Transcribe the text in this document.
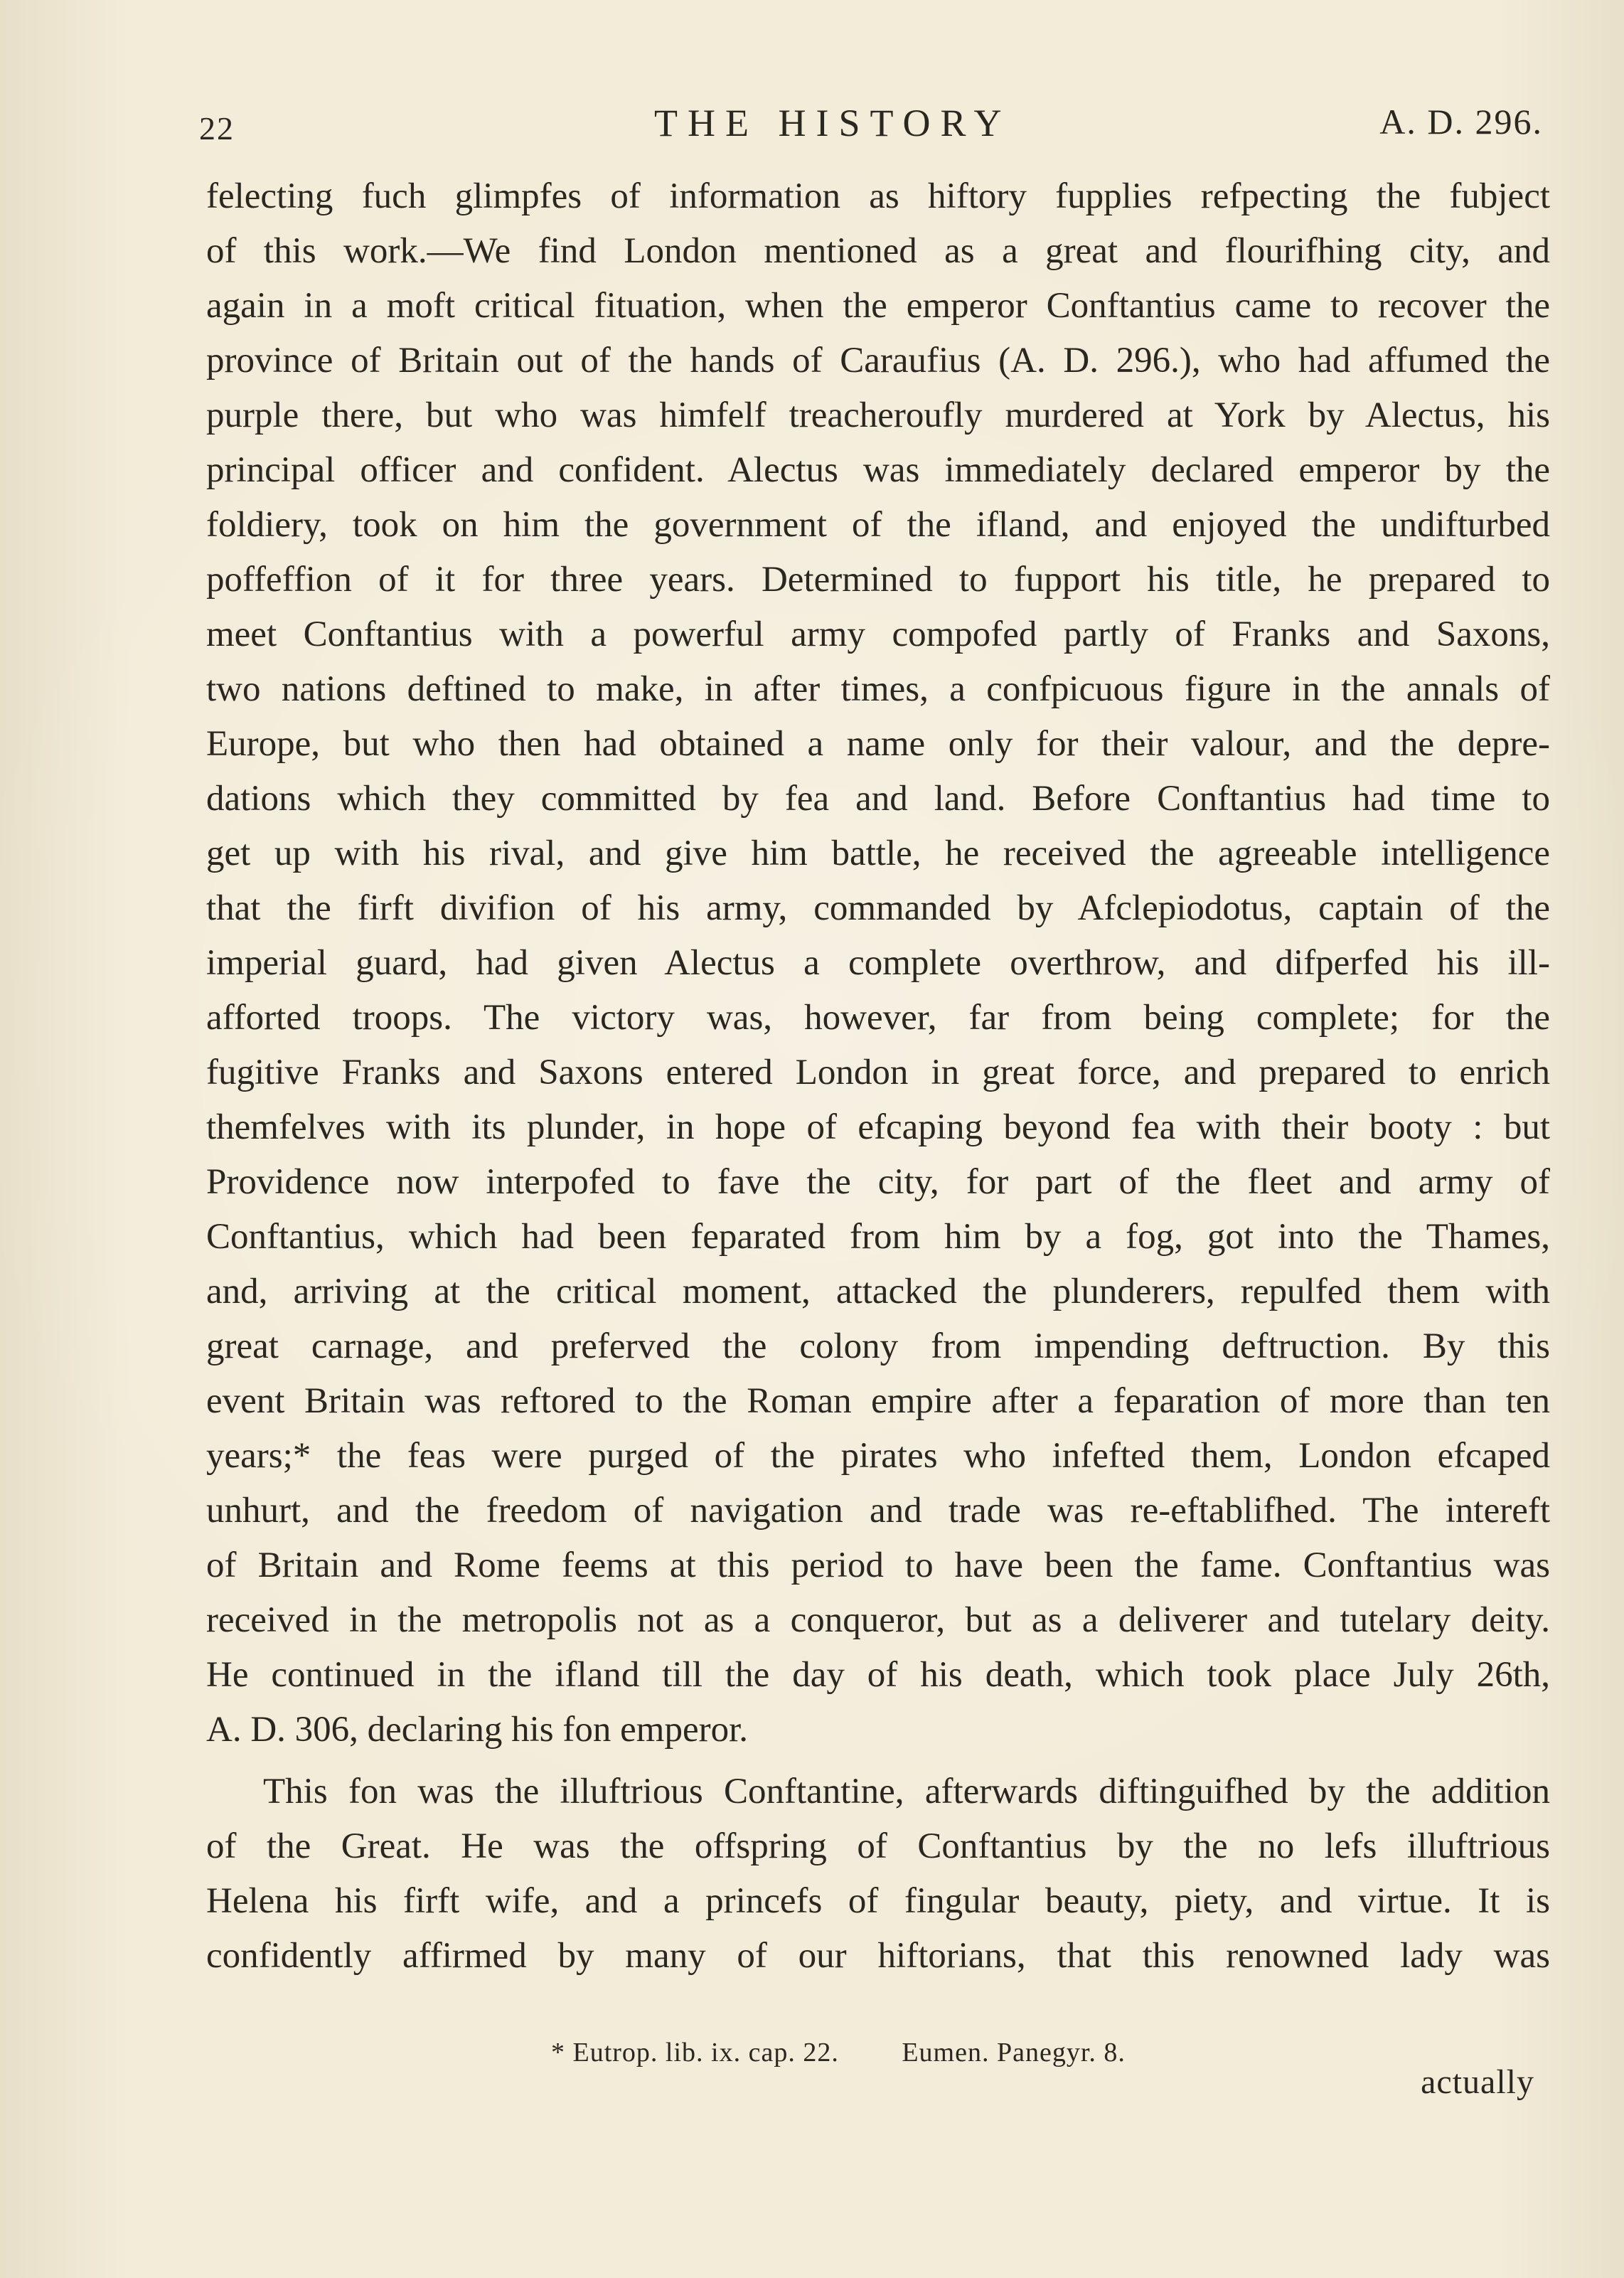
22	THE HISTORY	A. D. 296.
felecting fuch glimpfes of information as hiftory fupplies refpecting the fubject
of this work.—We find London mentioned as a great and flourifhing city, and
again in a moft critical fituation, when the emperor Conftantius came to recover the
province of Britain out of the hands of Caraufius (A. D. 296.), who had affumed the
purple there, but who was himfelf treacheroufly murdered at York by Alectus, his
principal officer and confident. Alectus was immediately declared emperor by the
foldiery, took on him the government of the ifland, and enjoyed the undifturbed
poffeffion of it for three years. Determined to fupport his title, he prepared to
meet Conftantius with a powerful army compofed partly of Franks and Saxons,
two nations deftined to make, in after times, a confpicuous figure in the annals of
Europe, but who then had obtained a name only for their valour, and the depre-
dations which they committed by fea and land. Before Conftantius had time to
get up with his rival, and give him battle, he received the agreeable intelligence
that the firft divifion of his army, commanded by Afclepiodotus, captain of the
imperial guard, had given Alectus a complete overthrow, and difperfed his ill-
afforted troops. The victory was, however, far from being complete; for the
fugitive Franks and Saxons entered London in great force, and prepared to enrich
themfelves with its plunder, in hope of efcaping beyond fea with their booty : but
Providence now interpofed to fave the city, for part of the fleet and army of
Conftantius, which had been feparated from him by a fog, got into the Thames,
and, arriving at the critical moment, attacked the plunderers, repulfed them with
great carnage, and preferved the colony from impending deftruction. By this
event Britain was reftored to the Roman empire after a feparation of more than ten
years;* the feas were purged of the pirates who infefted them, London efcaped
unhurt, and the freedom of navigation and trade was re-eftablifhed. The intereft
of Britain and Rome feems at this period to have been the fame. Conftantius was
received in the metropolis not as a conqueror, but as a deliverer and tutelary deity.
He continued in the ifland till the day of his death, which took place July 26th,
A. D. 306, declaring his fon emperor.
This fon was the illuftrious Conftantine, afterwards diftinguifhed by the addition
of the Great. He was the offspring of Conftantius by the no lefs illuftrious
Helena his firft wife, and a princefs of fingular beauty, piety, and virtue. It is
confidently affirmed by many of our hiftorians, that this renowned lady was
* Eutrop. lib. ix. cap. 22. Eumen. Panegyr. 8.
actually
